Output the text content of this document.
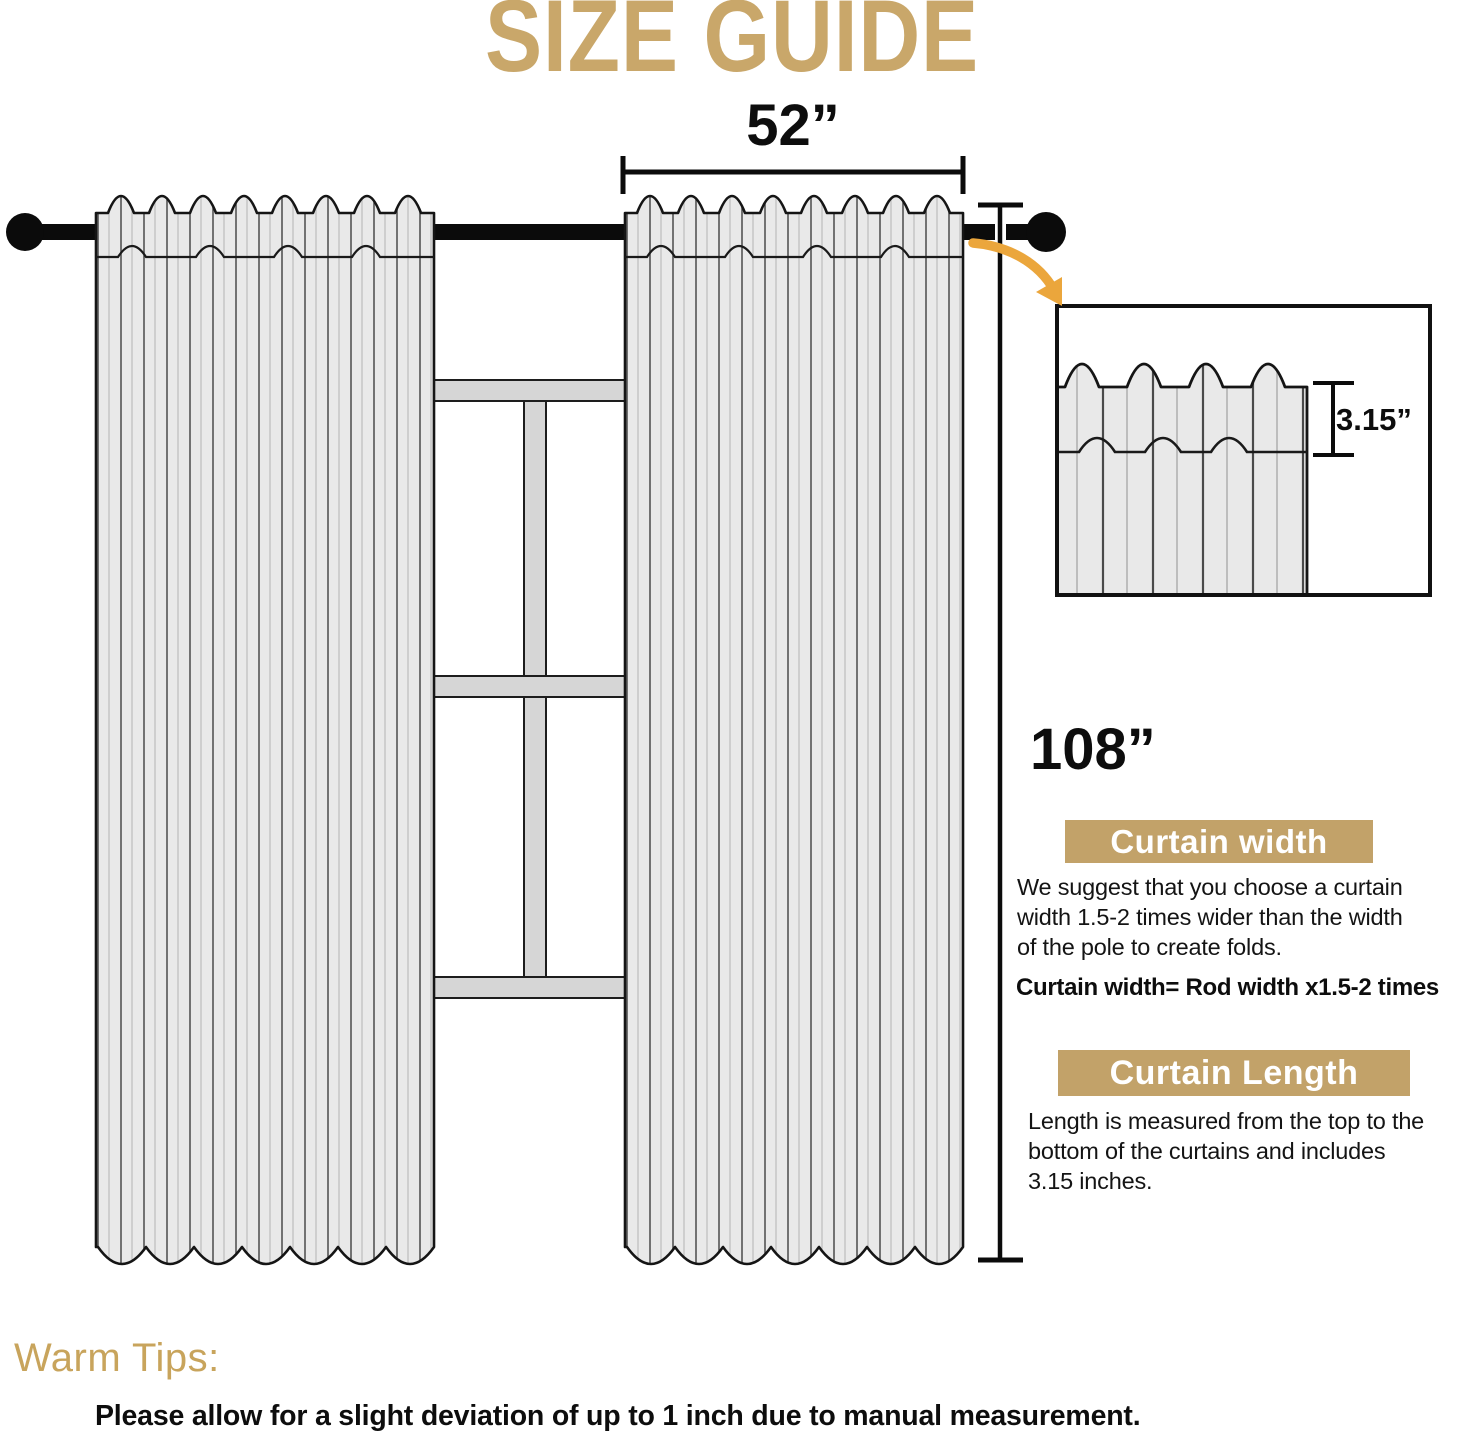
SIZE GUIDE
52”
108”
3.15”
Curtain width
We suggest that you choose a curtain
width 1.5-2 times wider than the width
of the pole to create folds.
Curtain width= Rod width x1.5-2 times
Curtain Length
Length is measured from the top to the
bottom of the curtains and includes
3.15 inches.
Warm Tips:
Please allow for a slight deviation of up to 1 inch due to manual measurement.
